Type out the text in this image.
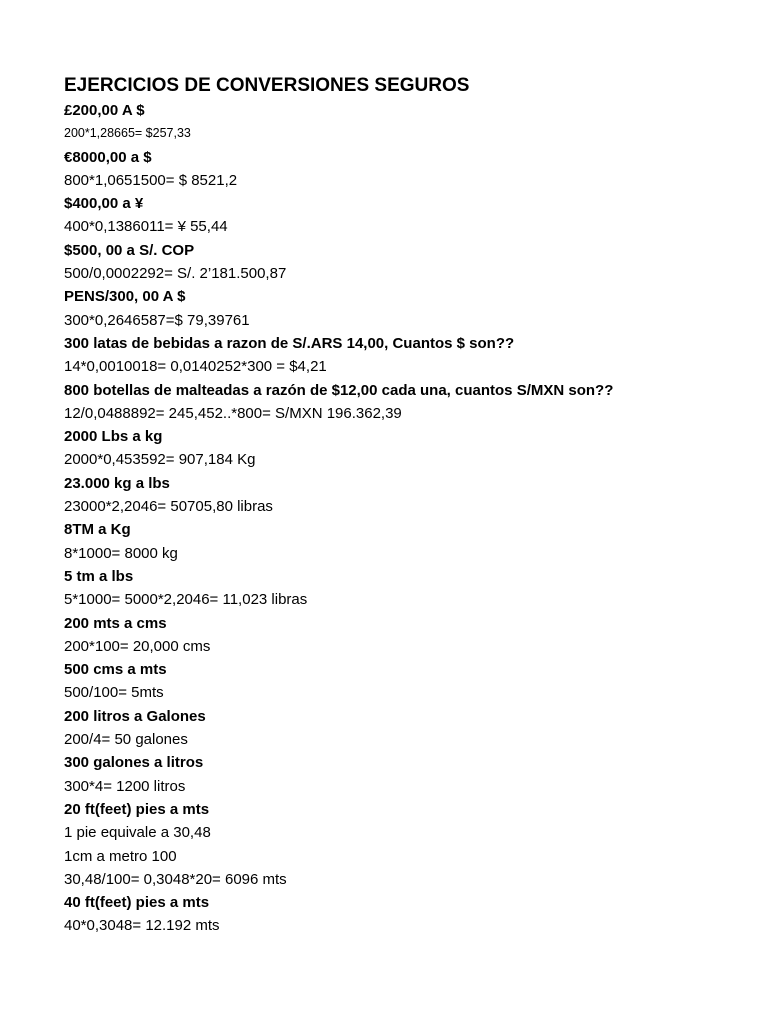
EJERCICIOS DE CONVERSIONES SEGUROS
£200,00 A $
200*1,28665= $257,33
€8000,00 a $
800*1,0651500= $ 8521,2
$400,00 a ¥
400*0,1386011= ¥ 55,44
$500, 00 a S/. COP
500/0,0002292= S/. 2’181.500,87
PENS/300, 00 A $
300*0,2646587=$ 79,39761
300 latas de bebidas a razon de S/.ARS 14,00, Cuantos $ son??
14*0,0010018= 0,0140252*300 = $4,21
800 botellas de malteadas a razón de $12,00 cada una, cuantos S/MXN son??
12/0,0488892= 245,452..*800= S/MXN 196.362,39
2000 Lbs a kg
2000*0,453592= 907,184 Kg
23.000 kg a lbs
23000*2,2046= 50705,80 libras
8TM a Kg
8*1000= 8000 kg
5 tm a lbs
5*1000= 5000*2,2046= 11,023 libras
200 mts a cms
200*100= 20,000 cms
500 cms a mts
500/100= 5mts
200 litros a Galones
200/4= 50 galones
300 galones a litros
300*4= 1200 litros
20 ft(feet) pies a mts
1 pie equivale a 30,48
1cm a metro 100
30,48/100= 0,3048*20= 6096 mts
40 ft(feet) pies a mts
40*0,3048= 12.192 mts
